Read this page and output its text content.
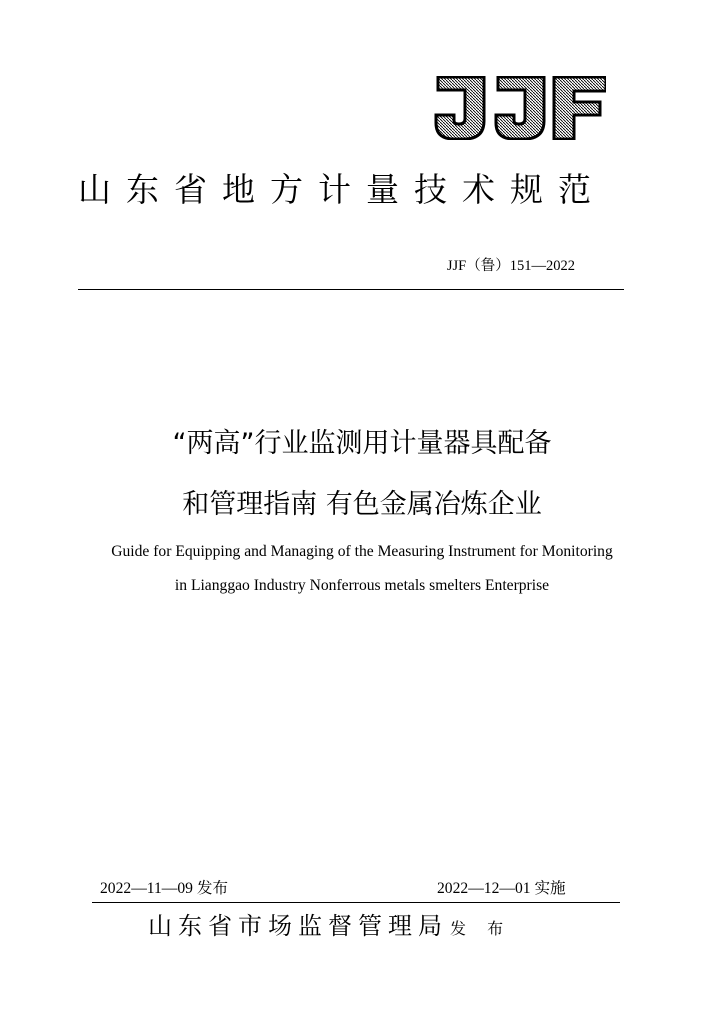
山东省地方计量技术规范
JJF（鲁）151—2022
“两高”行业监测用计量器具配备
和管理指南 有色金属冶炼企业
Guide for Equipping and Managing of the Measuring Instrument for Monitoring
in Lianggao Industry Nonferrous metals smelters Enterprise
2022—11—09 发布	2022—12—01 实施
山东省市场监督管理局 发 布
